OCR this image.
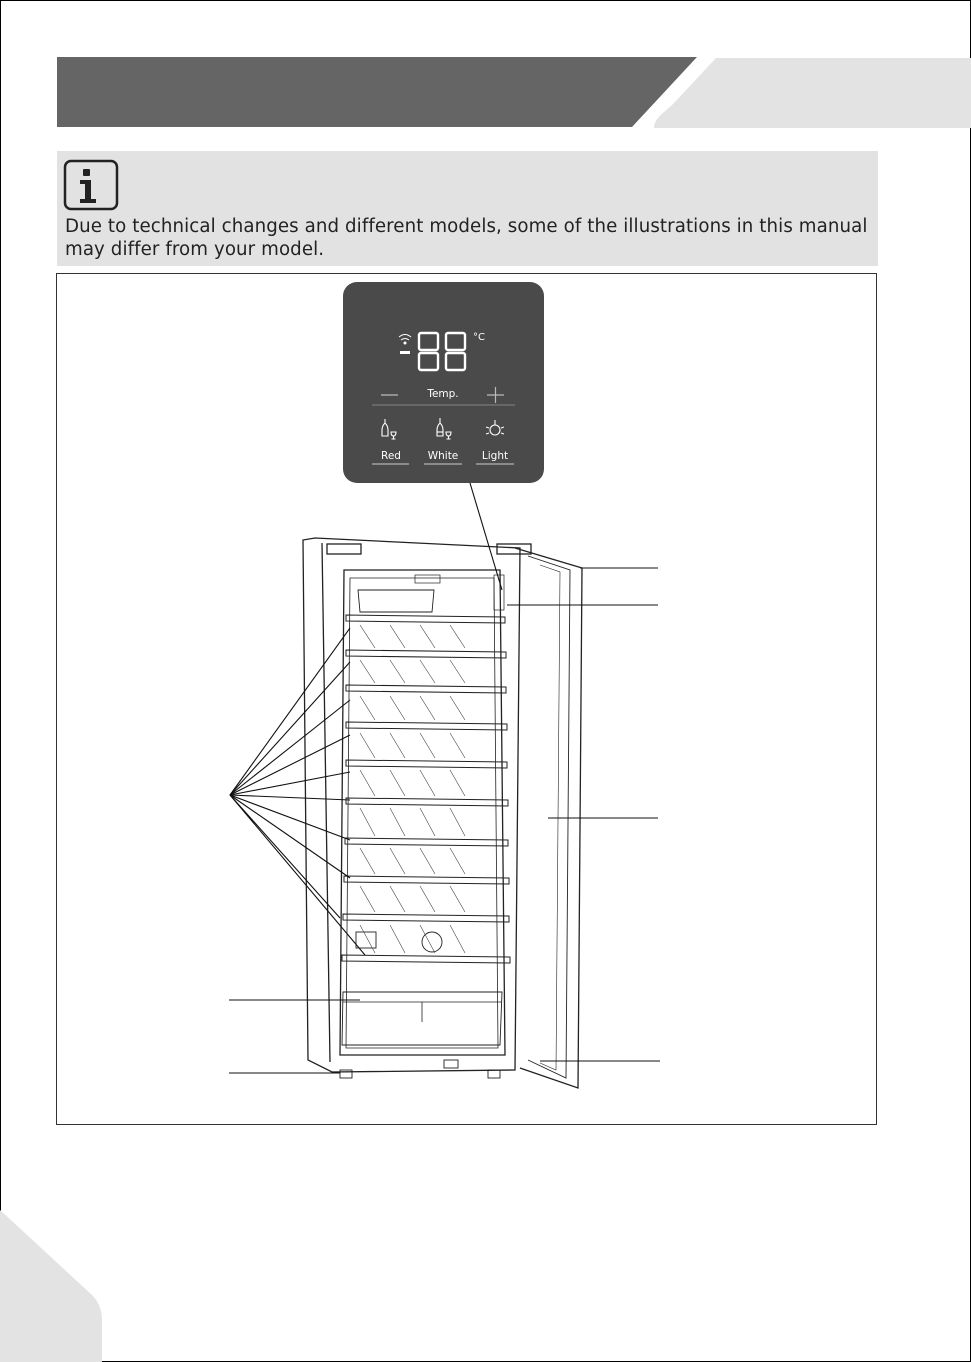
Due to technical changes and different models, some of the illustrations in this manual may differ from your model.

°C
Temp.
Red	White	Light
